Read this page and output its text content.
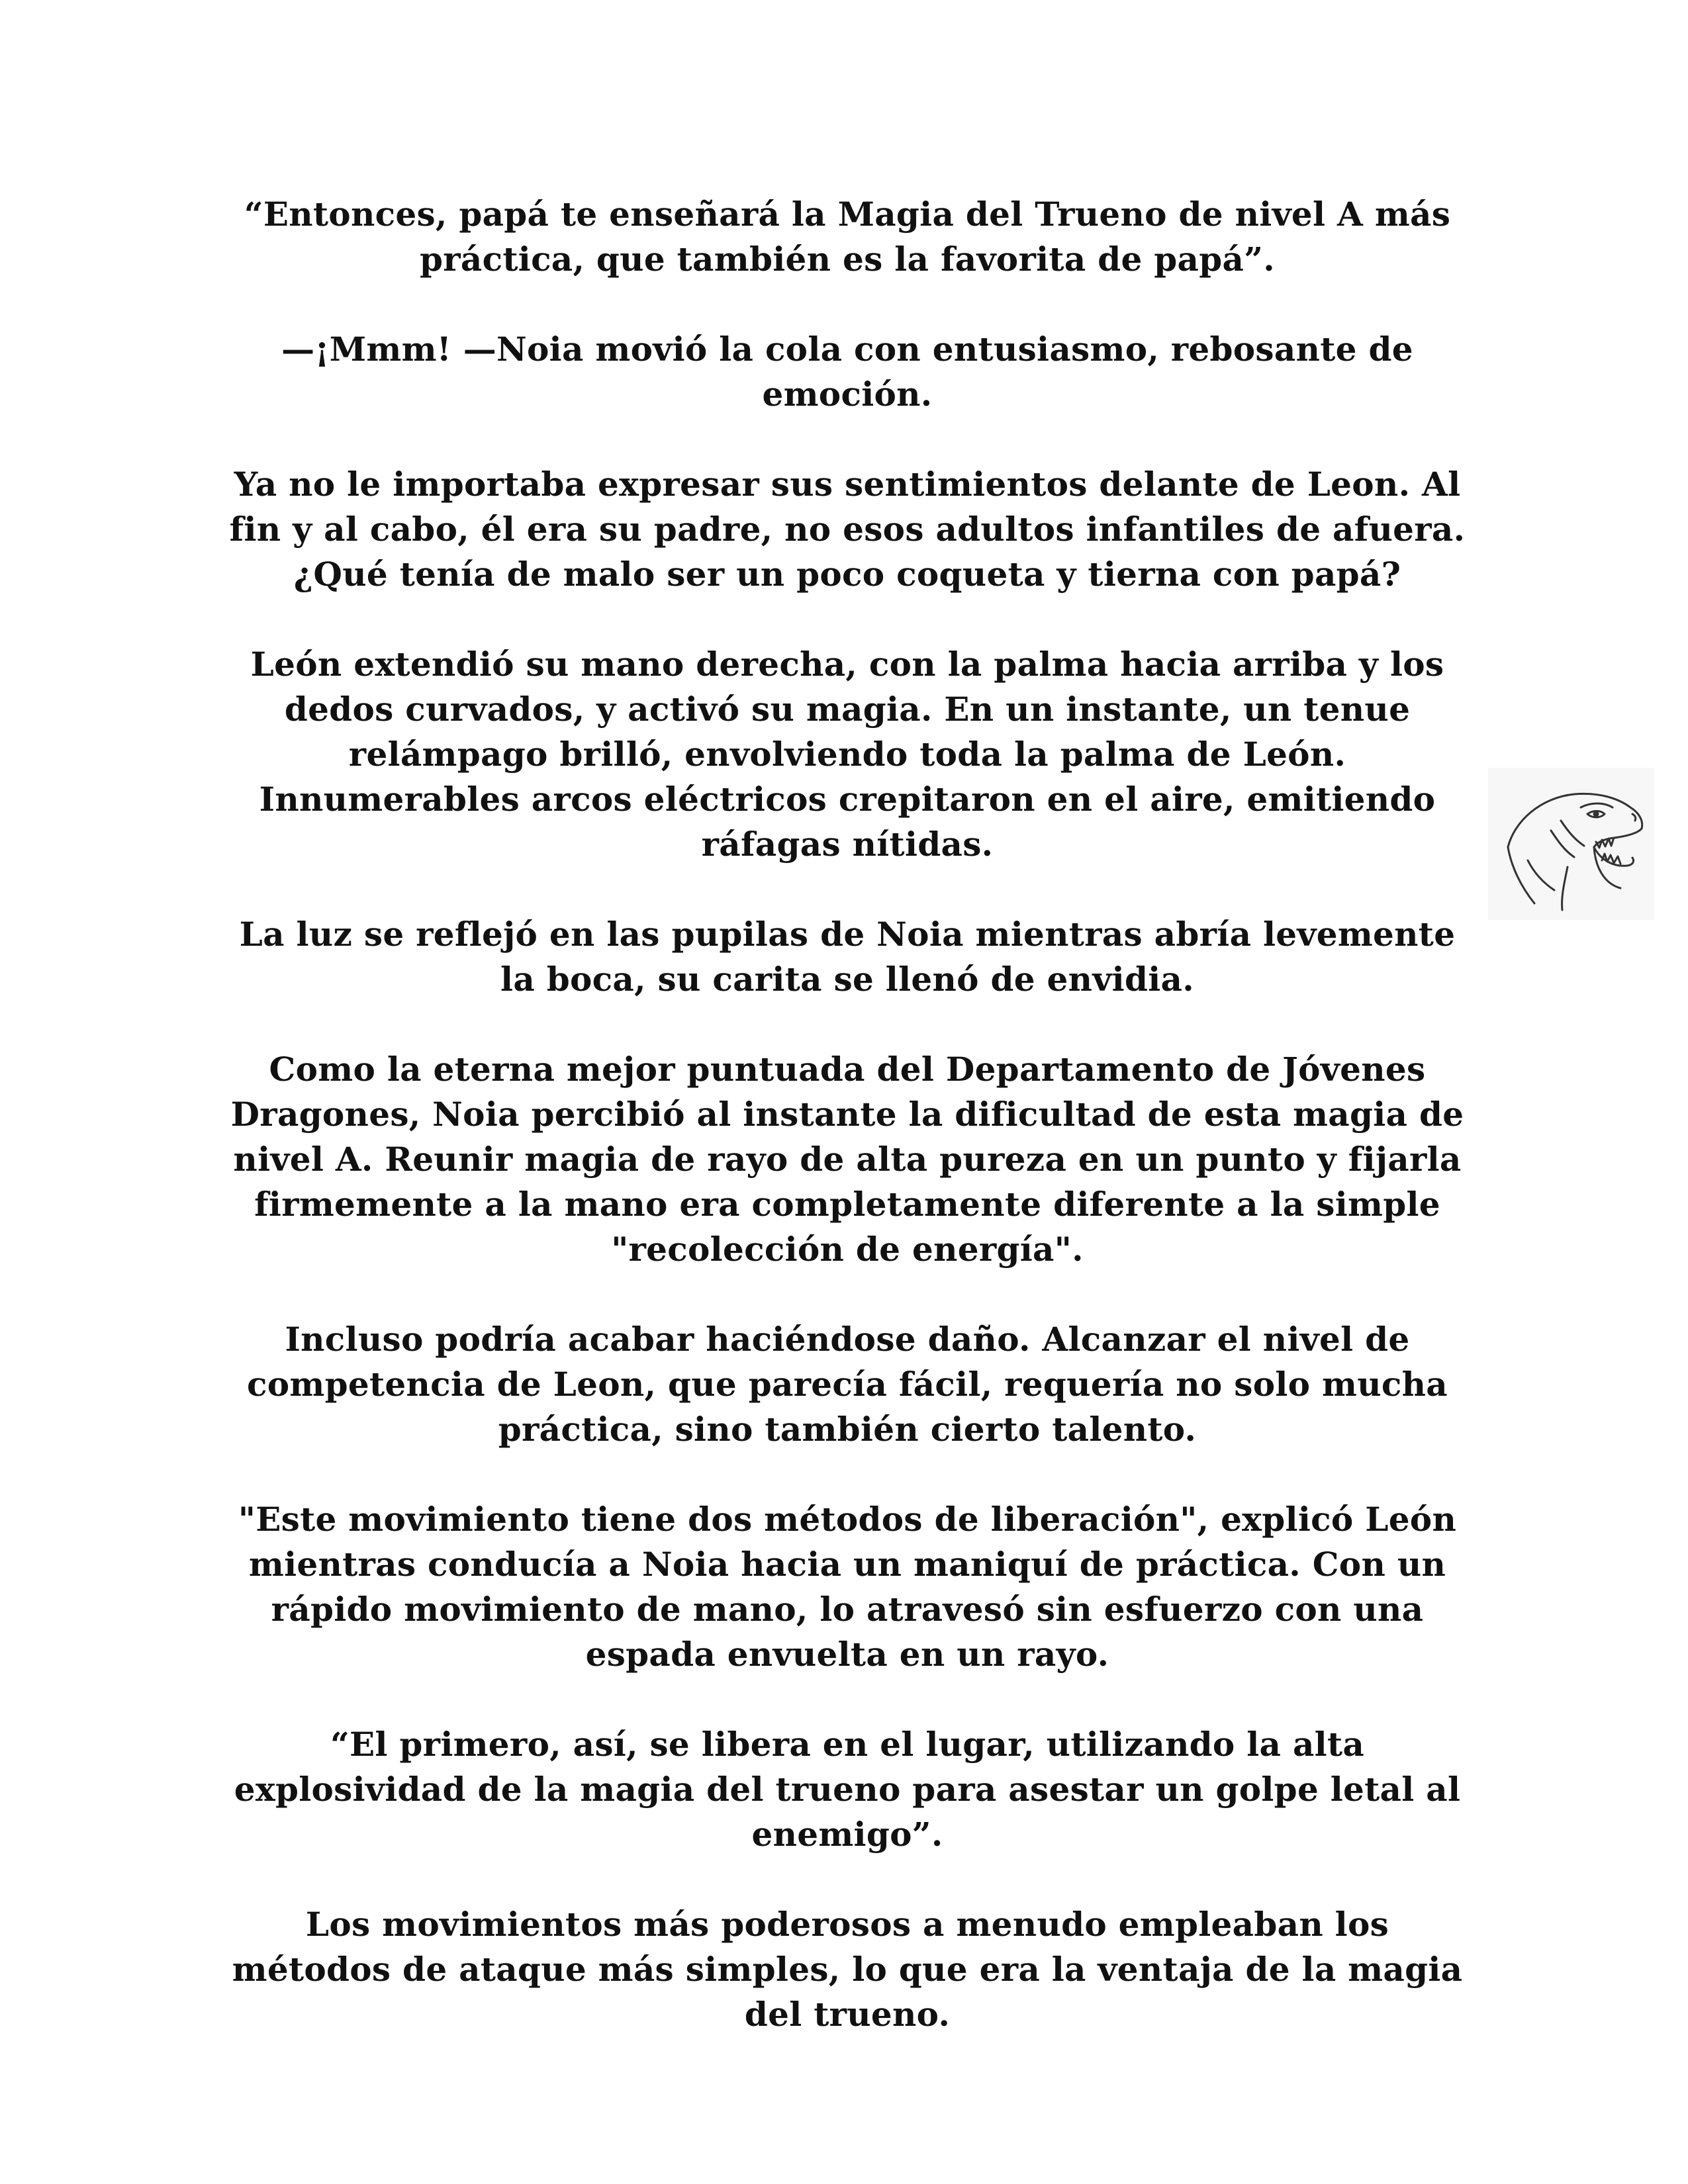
“Entonces, papá te enseñará la Magia del Trueno de nivel A más práctica, que también es la favorita de papá”.

—¡Mmm! —Noia movió la cola con entusiasmo, rebosante de emoción.

Ya no le importaba expresar sus sentimientos delante de Leon. Al fin y al cabo, él era su padre, no esos adultos infantiles de afuera. ¿Qué tenía de malo ser un poco coqueta y tierna con papá?

León extendió su mano derecha, con la palma hacia arriba y los dedos curvados, y activó su magia. En un instante, un tenue relámpago brilló, envolviendo toda la palma de León. Innumerables arcos eléctricos crepitaron en el aire, emitiendo ráfagas nítidas.

La luz se reflejó en las pupilas de Noia mientras abría levemente la boca, su carita se llenó de envidia.

Como la eterna mejor puntuada del Departamento de Jóvenes Dragones, Noia percibió al instante la dificultad de esta magia de nivel A. Reunir magia de rayo de alta pureza en un punto y fijarla firmemente a la mano era completamente diferente a la simple "recolección de energía".

Incluso podría acabar haciéndose daño. Alcanzar el nivel de competencia de Leon, que parecía fácil, requería no solo mucha práctica, sino también cierto talento.

"Este movimiento tiene dos métodos de liberación", explicó León mientras conducía a Noia hacia un maniquí de práctica. Con un rápido movimiento de mano, lo atravesó sin esfuerzo con una espada envuelta en un rayo.

“El primero, así, se libera en el lugar, utilizando la alta explosividad de la magia del trueno para asestar un golpe letal al enemigo”.

Los movimientos más poderosos a menudo empleaban los métodos de ataque más simples, lo que era la ventaja de la magia del trueno.
